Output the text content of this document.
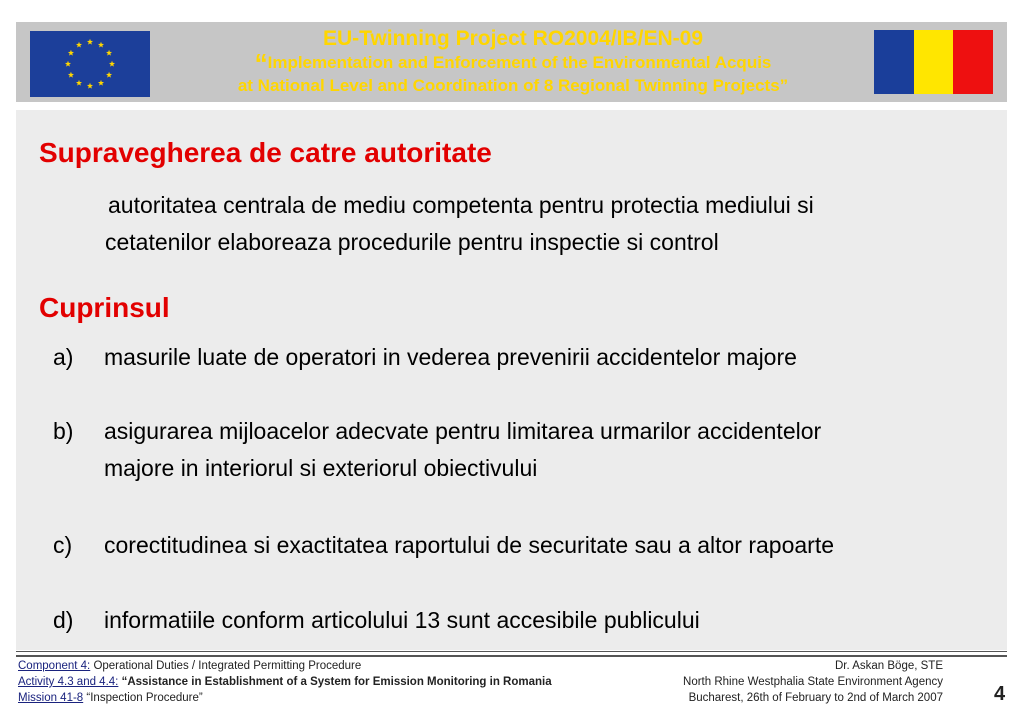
EU-Twinning Project RO2004/IB/EN-09
“Implementation and Enforcement of the Environmental Acquis
at National Level and Coordination of 8 Regional Twinning Projects”
Supravegherea de catre autoritate
autoritatea centrala de mediu competenta pentru protectia mediului si
cetatenilor elaboreaza procedurile pentru inspectie si control
Cuprinsul
a)	masurile luate de operatori in vederea prevenirii accidentelor majore
b)	asigurarea mijloacelor adecvate pentru limitarea urmarilor accidentelor
majore in interiorul si exteriorul obiectivului
c)	corectitudinea si exactitatea raportului de securitate sau a altor rapoarte
d)	informatiile conform articolului 13 sunt accesibile publicului
Component 4: Operational Duties / Integrated Permitting Procedure
Activity 4.3 and 4.4: “Assistance in Establishment of a System for Emission Monitoring in Romania
Mission 41-8 “Inspection Procedure”
Dr. Askan Böge, STE
North Rhine Westphalia State Environment Agency
Bucharest, 26th of February to 2nd of March 2007	4
